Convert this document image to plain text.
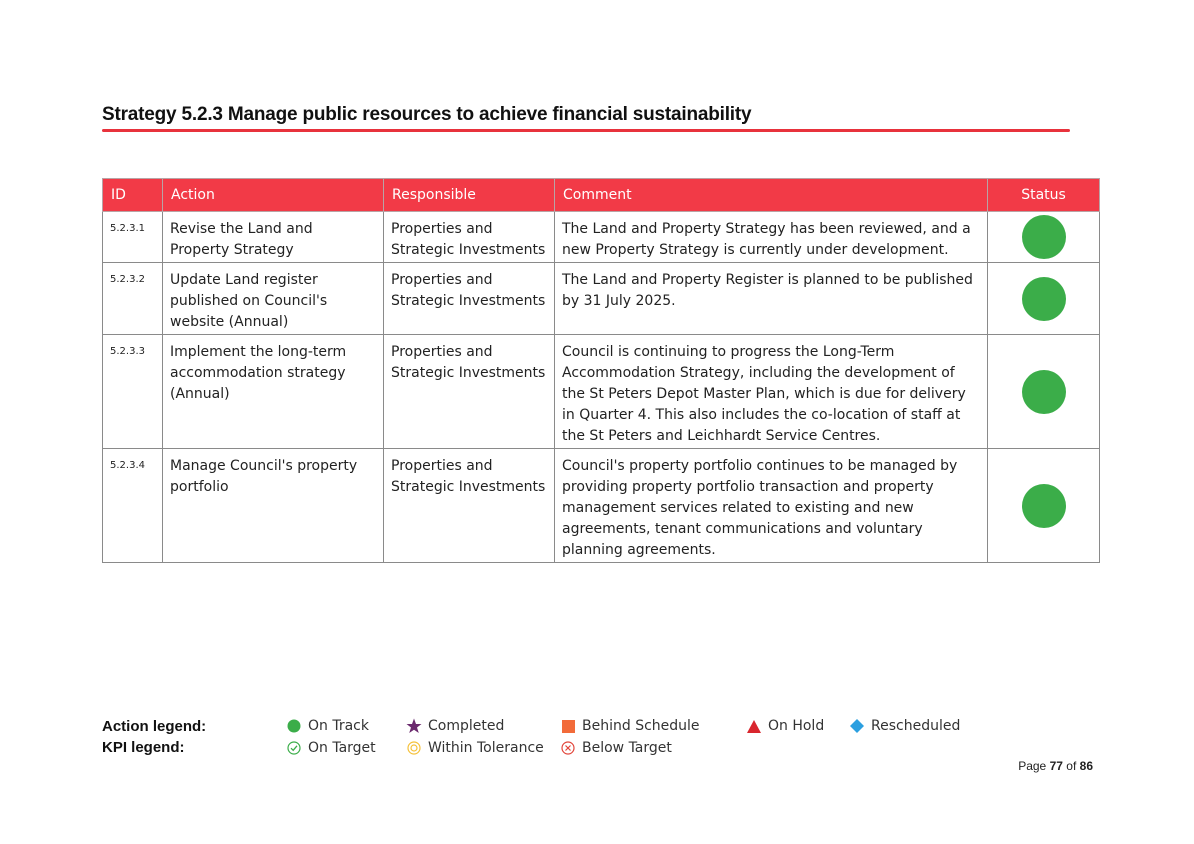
Strategy 5.2.3 Manage public resources to achieve financial sustainability
ID	Action	Responsible	Comment	Status
5.2.3.1	Revise the Land and Property Strategy	Properties and Strategic Investments	The Land and Property Strategy has been reviewed, and a new Property Strategy is currently under development.	
5.2.3.2	Update Land register published on Council's website (Annual)	Properties and Strategic Investments	The Land and Property Register is planned to be published by 31 July 2025.	
5.2.3.3	Implement the long-term accommodation strategy (Annual)	Properties and Strategic Investments	Council is continuing to progress the Long-Term Accommodation Strategy, including the development of the St Peters Depot Master Plan, which is due for delivery in Quarter 4. This also includes the co-location of staff at the St Peters and Leichhardt Service Centres.	
5.2.3.4	Manage Council's property portfolio	Properties and Strategic Investments	Council's property portfolio continues to be managed by providing property portfolio transaction and property management services related to existing and new agreements, tenant communications and voluntary planning agreements.	
Action legend:
KPI legend:
On Track	Completed	Behind Schedule	On Hold	Rescheduled
On Target	Within Tolerance	Below Target
Page 77 of 86
